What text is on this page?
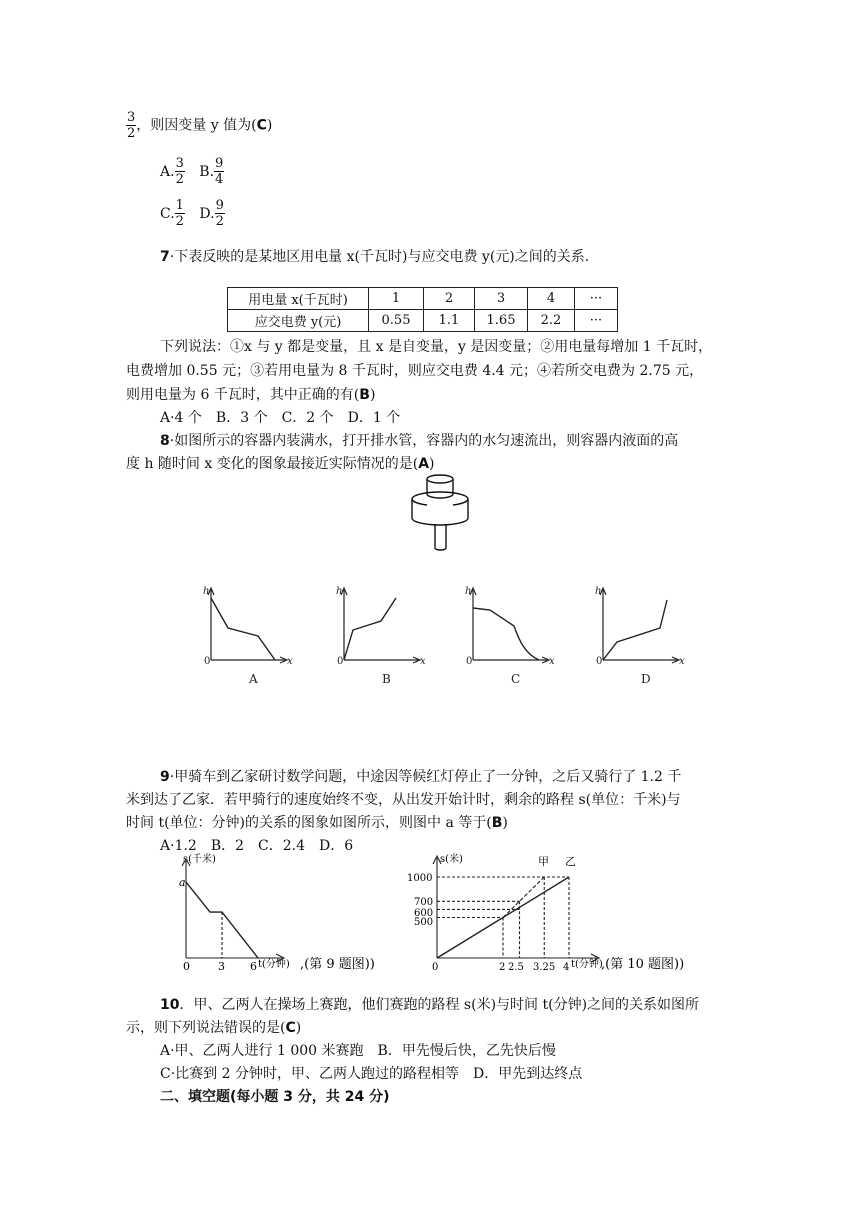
$\frac{3}{2}$ ，则因变量 y 值为(C)
A. $\frac{3}{2} B$. $\frac{9}{4}$
C. $\frac{1}{2} D$. $\frac{9}{2}$
7·下表反映的是某地区用电量 x(千瓦时)与应交电费 y(元)之间的关系.
用电量 x(千瓦时)	1	2	3	4	···
应交电费 y(元)	0.55	1.1	1.65	2.2	···
下列说法：①x 与 y 都是变量，且 x 是自变量，y 是因变量；②用电量每增加 1 千瓦时，
电费增加 0.55 元；③若用电量为 8 千瓦时，则应交电费 4.4 元；④若所交电费为 2.75 元，
则用电量为 6 千瓦时，其中正确的有(B)
A·4 个　B．3 个　C．2 个　D．1 个
8·如图所示的容器内装满水，打开排水管，容器内的水匀速流出，则容器内液面的高
度 h 随时间 x 变化的图象最接近实际情况的是(A)
h
x
0
A
h
x
0
B
h
x
0
C
h
x
0
D
9·甲骑车到乙家研讨数学问题，中途因等候红灯停止了一分钟，之后又骑行了 1.2 千
米到达了乙家．若甲骑行的速度始终不变，从出发开始计时，剩余的路程 s(单位：千米)与
时间 t(单位：分钟)的关系的图象如图所示，则图中 a 等于(B)
A·1.2　B．2　C．2.4　D．6
s(千米)
a
0	3 6 t(分钟) ,(第 9 题图))
s(米)
1000
700
600
500
0	2 2.5 3.25 4 t(分钟)
甲 乙
,(第 10 题图))
10．甲、乙两人在操场上赛跑，他们赛跑的路程 s(米)与时间 t(分钟)之间的关系如图所
示，则下列说法错误的是(C)
A·甲、乙两人进行 1 000 米赛跑　B．甲先慢后快，乙先快后慢
C·比赛到 2 分钟时，甲、乙两人跑过的路程相等　D．甲先到达终点
二、填空题(每小题 3 分，共 24 分)
